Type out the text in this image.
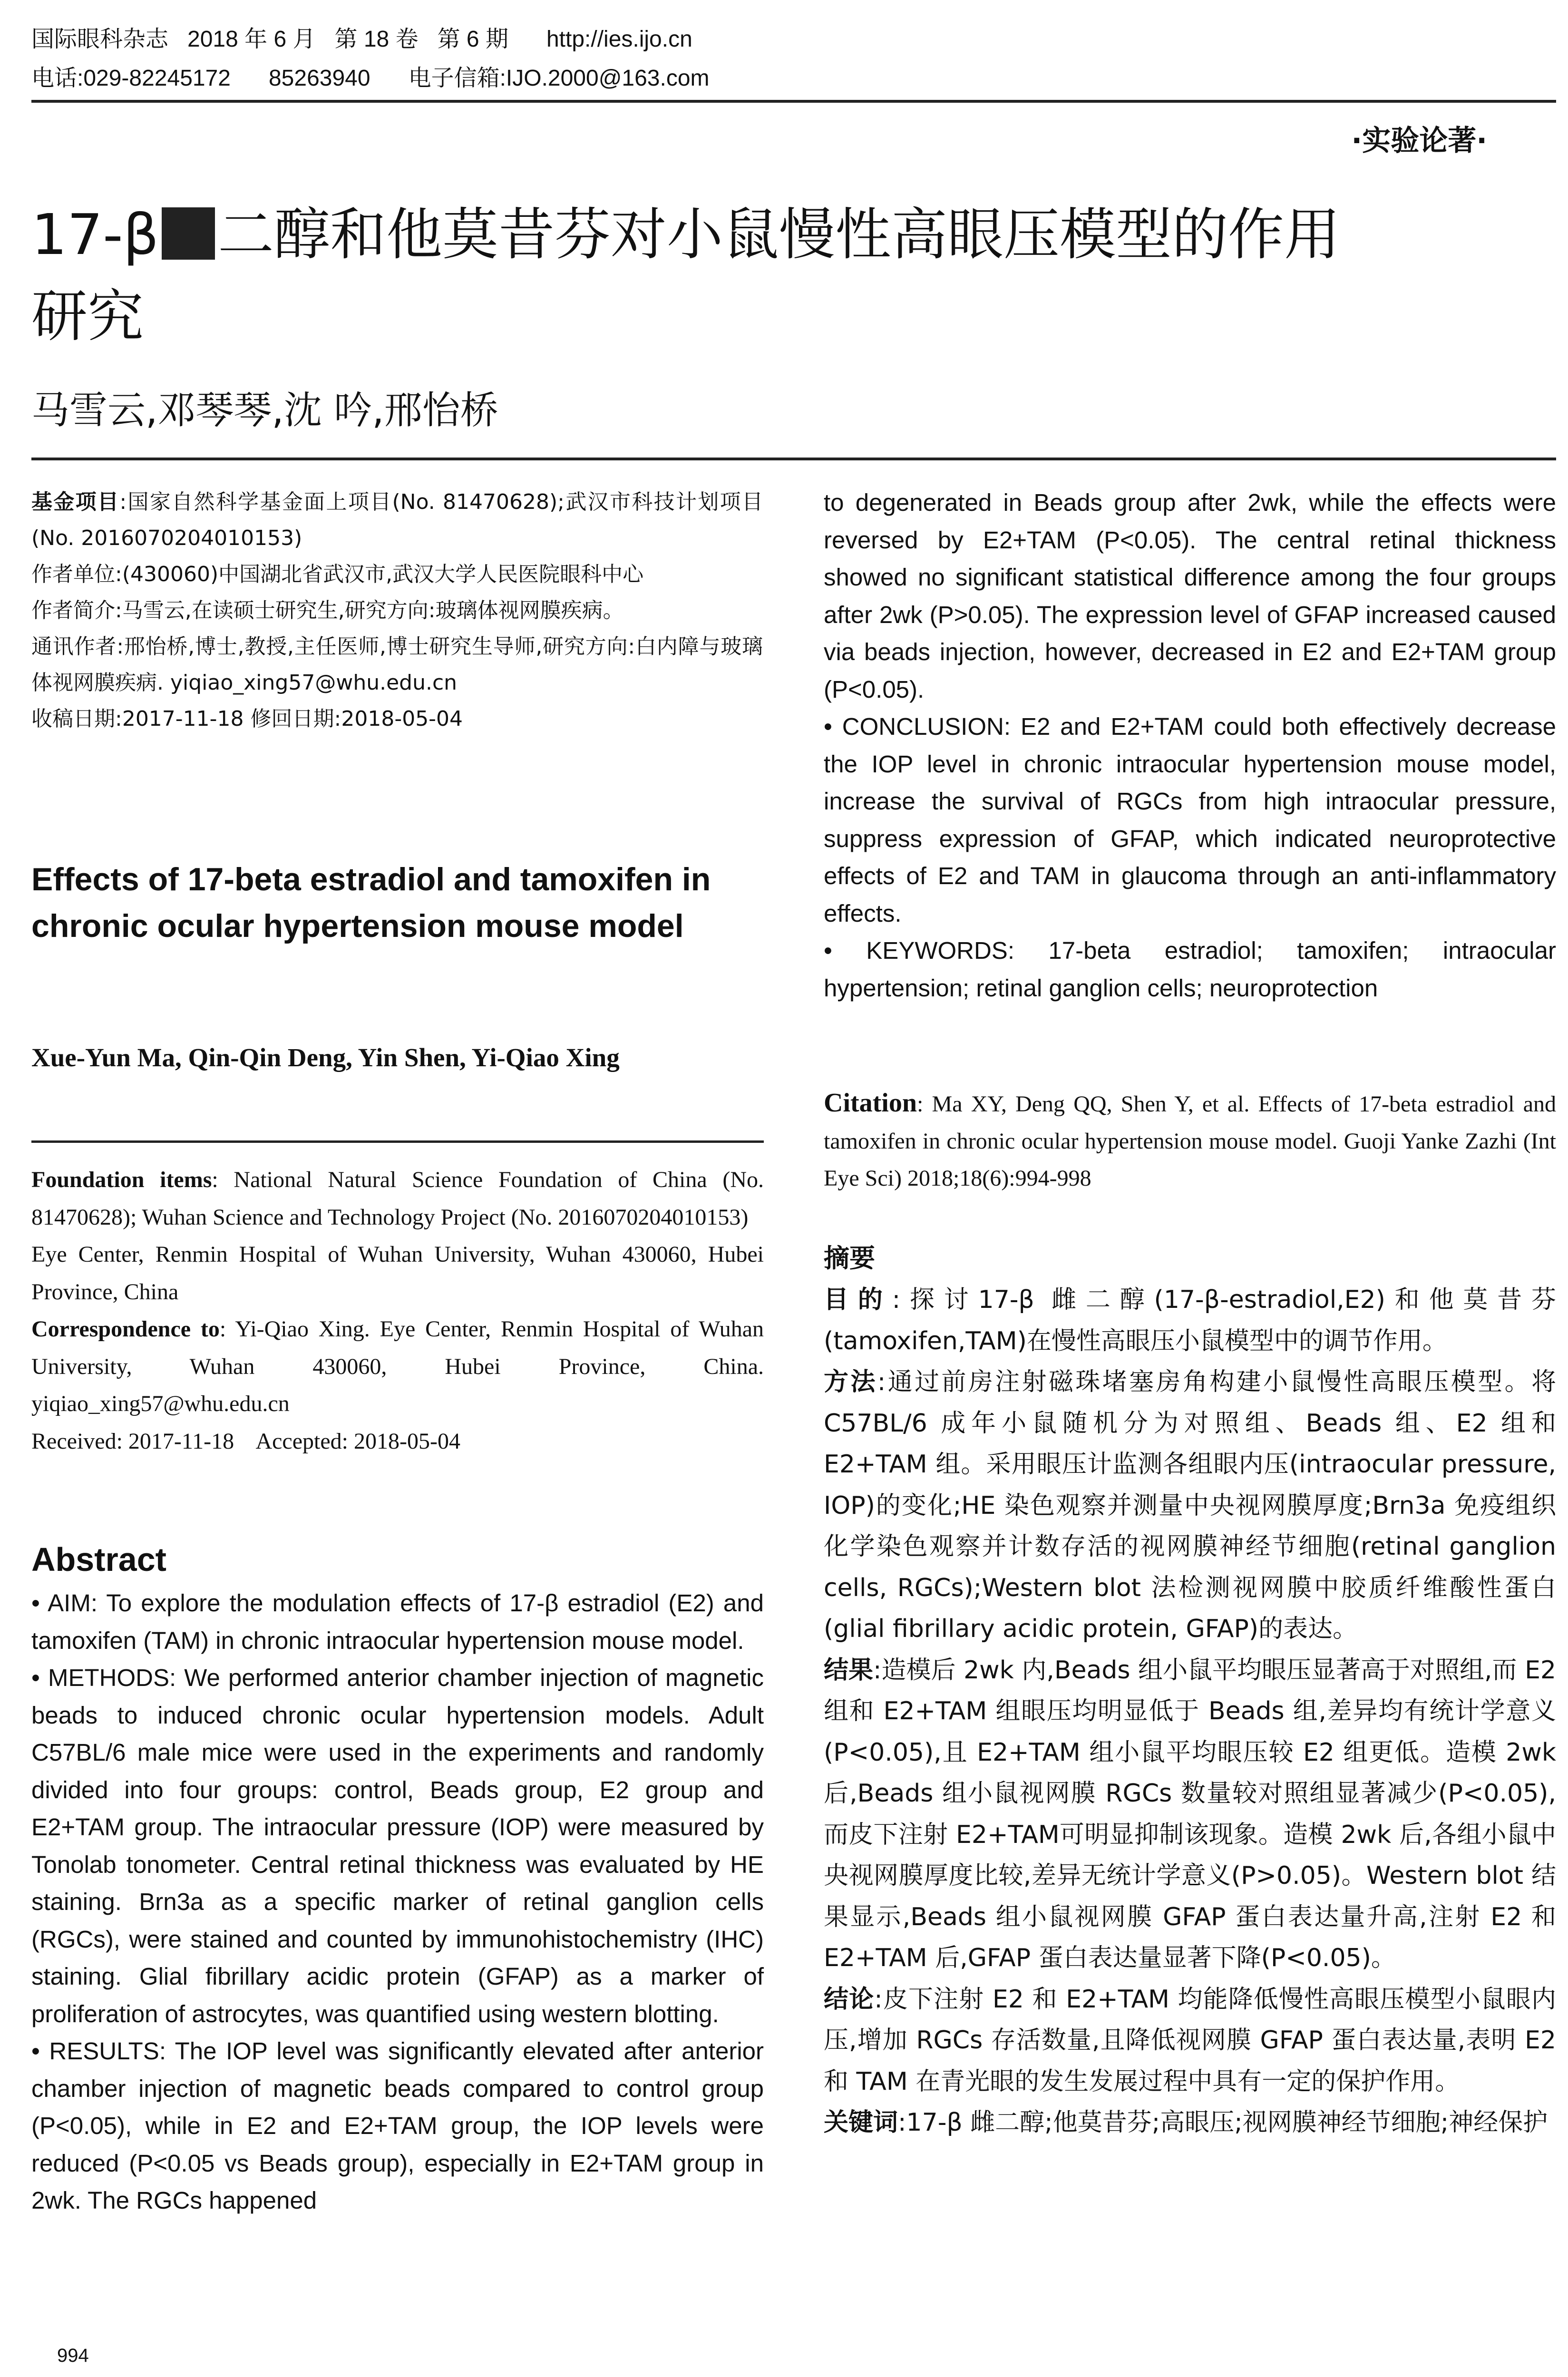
国际眼科杂志   2018 年 6 月   第 18 卷   第 6 期      http://ies.ijo.cn
电话:029-82245172      85263940      电子信箱:IJO.2000@163.com
·实验论著·
17-β 二醇和他莫昔芬对小鼠慢性高眼压模型的作用
研究
马雪云,邓琴琴,沈 吟,邢怡桥

基金项目:国家自然科学基金面上项目(No. 81470628);武汉市科技计划项目(No. 2016070204010153)

作者单位:(430060)中国湖北省武汉市,武汉大学人民医院眼科中心

作者简介:马雪云,在读硕士研究生,研究方向:玻璃体视网膜疾病。

通讯作者:邢怡桥,博士,教授,主任医师,博士研究生导师,研究方向:白内障与玻璃体视网膜疾病. yiqiao_xing57@whu.edu.cn

收稿日期:2017-11-18 修回日期:2018-05-04

Effects of 17-beta estradiol and tamoxifen in chronic ocular hypertension mouse model
Xue-Yun Ma, Qin-Qin Deng, Yin Shen, Yi-Qiao Xing

Foundation items: National Natural Science Foundation of China (No. 81470628); Wuhan Science and Technology Project (No. 2016070204010153)

Eye Center, Renmin Hospital of Wuhan University, Wuhan 430060, Hubei Province, China

Correspondence to: Yi-Qiao Xing. Eye Center, Renmin Hospital of Wuhan University, Wuhan 430060, Hubei Province, China. yiqiao_xing57@whu.edu.cn

Received: 2017-11-18    Accepted: 2018-05-04

Abstract

• AIM: To explore the modulation effects of 17-β estradiol (E2) and tamoxifen (TAM) in chronic intraocular hypertension mouse model.

• METHODS: We performed anterior chamber injection of magnetic beads to induced chronic ocular hypertension models. Adult C57BL/6 male mice were used in the experiments and randomly divided into four groups: control, Beads group, E2 group and E2+TAM group. The intraocular pressure (IOP) were measured by Tonolab tonometer. Central retinal thickness was evaluated by HE staining. Brn3a as a specific marker of retinal ganglion cells (RGCs), were stained and counted by immunohistochemistry (IHC) staining. Glial fibrillary acidic protein (GFAP) as a marker of proliferation of astrocytes, was quantified using western blotting.

• RESULTS: The IOP level was significantly elevated after anterior chamber injection of magnetic beads compared to control group (P<0.05), while in E2 and E2+TAM group, the IOP levels were reduced (P<0.05 vs Beads group), especially in E2+TAM group in 2wk. The RGCs happened

994

to degenerated in Beads group after 2wk, while the effects were reversed by E2+TAM (P<0.05). The central retinal thickness showed no significant statistical difference among the four groups after 2wk (P>0.05). The expression level of GFAP increased caused via beads injection, however, decreased in E2 and E2+TAM group (P<0.05).

• CONCLUSION: E2 and E2+TAM could both effectively decrease the IOP level in chronic intraocular hypertension mouse model, increase the survival of RGCs from high intraocular pressure, suppress expression of GFAP, which indicated neuroprotective effects of E2 and TAM in glaucoma through an anti-inflammatory effects.

• KEYWORDS: 17-beta estradiol; tamoxifen; intraocular hypertension; retinal ganglion cells; neuroprotection

Citation: Ma XY, Deng QQ, Shen Y, et al. Effects of 17-beta estradiol and tamoxifen in chronic ocular hypertension mouse model. Guoji Yanke Zazhi (Int Eye Sci) 2018;18(6):994-998
摘要

目的:探讨17-β 雌二醇(17-β-estradiol,E2)和他莫昔芬(tamoxifen,TAM)在慢性高眼压小鼠模型中的调节作用。

方法:通过前房注射磁珠堵塞房角构建小鼠慢性高眼压模型。将 C57BL/6 成年小鼠随机分为对照组、Beads 组、E2 组和 E2+TAM 组。采用眼压计监测各组眼内压(intraocular pressure, IOP)的变化;HE 染色观察并测量中央视网膜厚度;Brn3a 免疫组织化学染色观察并计数存活的视网膜神经节细胞(retinal ganglion cells, RGCs);Western blot 法检测视网膜中胶质纤维酸性蛋白(glial fibrillary acidic protein, GFAP)的表达。

结果:造模后 2wk 内,Beads 组小鼠平均眼压显著高于对照组,而 E2 组和 E2+TAM 组眼压均明显低于 Beads 组,差异均有统计学意义(P<0.05),且 E2+TAM 组小鼠平均眼压较 E2 组更低。造模 2wk 后,Beads 组小鼠视网膜 RGCs 数量较对照组显著减少(P<0.05),而皮下注射 E2+TAM可明显抑制该现象。造模 2wk 后,各组小鼠中央视网膜厚度比较,差异无统计学意义(P>0.05)。Western blot 结果显示,Beads 组小鼠视网膜 GFAP 蛋白表达量升高,注射 E2 和 E2+TAM 后,GFAP 蛋白表达量显著下降(P<0.05)。

结论:皮下注射 E2 和 E2+TAM 均能降低慢性高眼压模型小鼠眼内压,增加 RGCs 存活数量,且降低视网膜 GFAP 蛋白表达量,表明 E2 和 TAM 在青光眼的发生发展过程中具有一定的保护作用。

关键词:17-β 雌二醇;他莫昔芬;高眼压;视网膜神经节细胞;神经保护
